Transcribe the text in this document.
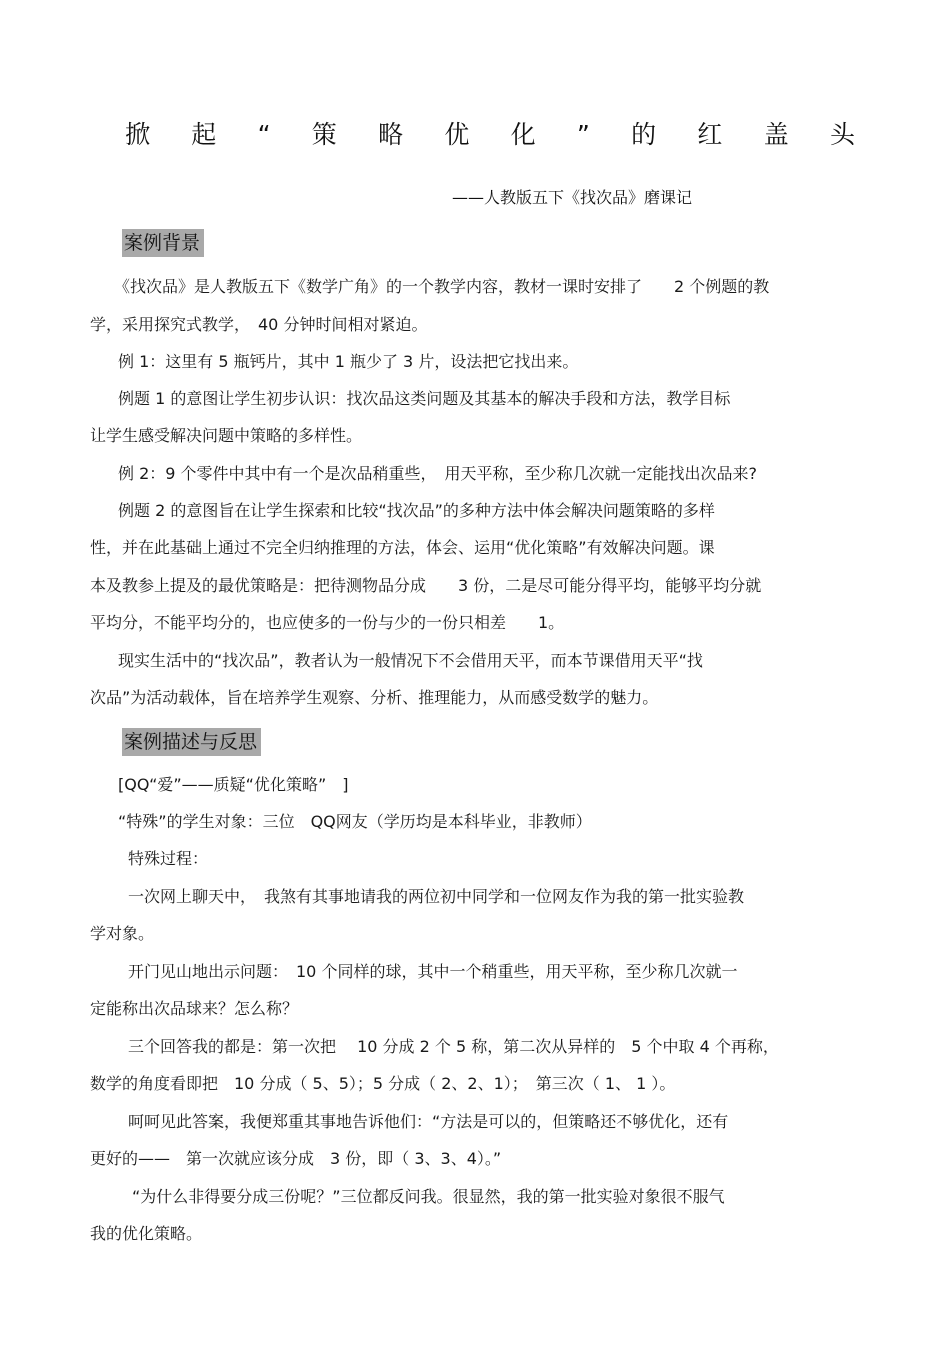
掀 起 “ 策 略 优 化 ” 的 红 盖 头
——人教版五下《找次品》磨课记
案例背景
《找次品》是人教版五下《数学广角》的一个教学内容，教材一课时安排了　　2 个例题的教
学，采用探究式教学，　40 分钟时间相对紧迫。
例 1：这里有 5 瓶钙片，其中 1 瓶少了 3 片，设法把它找出来。
例题 1 的意图让学生初步认识：找次品这类问题及其基本的解决手段和方法，教学目标
让学生感受解决问题中策略的多样性。
例 2：9 个零件中其中有一个是次品稍重些，　用天平称，至少称几次就一定能找出次品来?
例题 2 的意图旨在让学生探索和比较“找次品”的多种方法中体会解决问题策略的多样
性，并在此基础上通过不完全归纳推理的方法，体会、运用“优化策略”有效解决问题。课
本及教参上提及的最优策略是：把待测物品分成　　3 份，二是尽可能分得平均，能够平均分就
平均分，不能平均分的，也应使多的一份与少的一份只相差　　1。
现实生活中的“找次品”，教者认为一般情况下不会借用天平，而本节课借用天平“找
次品”为活动载体，旨在培养学生观察、分析、推理能力，从而感受数学的魅力。
案例描述与反思
[QQ“爱”——质疑“优化策略”　]
“特殊”的学生对象：三位　QQ网友（学历均是本科毕业，非教师）
特殊过程：
一次网上聊天中，　我煞有其事地请我的两位初中同学和一位网友作为我的第一批实验教
学对象。
开门见山地出示问题：　10 个同样的球，其中一个稍重些，用天平称，至少称几次就一
定能称出次品球来？怎么称？
三个回答我的都是：第一次把　 10 分成 2 个 5 称，第二次从异样的　5 个中取 4 个再称，
数学的角度看即把　10 分成（ 5、5）；5 分成（ 2、2、1）；　第三次（ 1、 1 ）。
呵呵见此答案，我便郑重其事地告诉他们：“方法是可以的，但策略还不够优化，还有
更好的——　第一次就应该分成　3 份，即（ 3、3、4）。”
“为什么非得要分成三份呢？”三位都反问我。很显然，我的第一批实验对象很不服气
我的优化策略。
